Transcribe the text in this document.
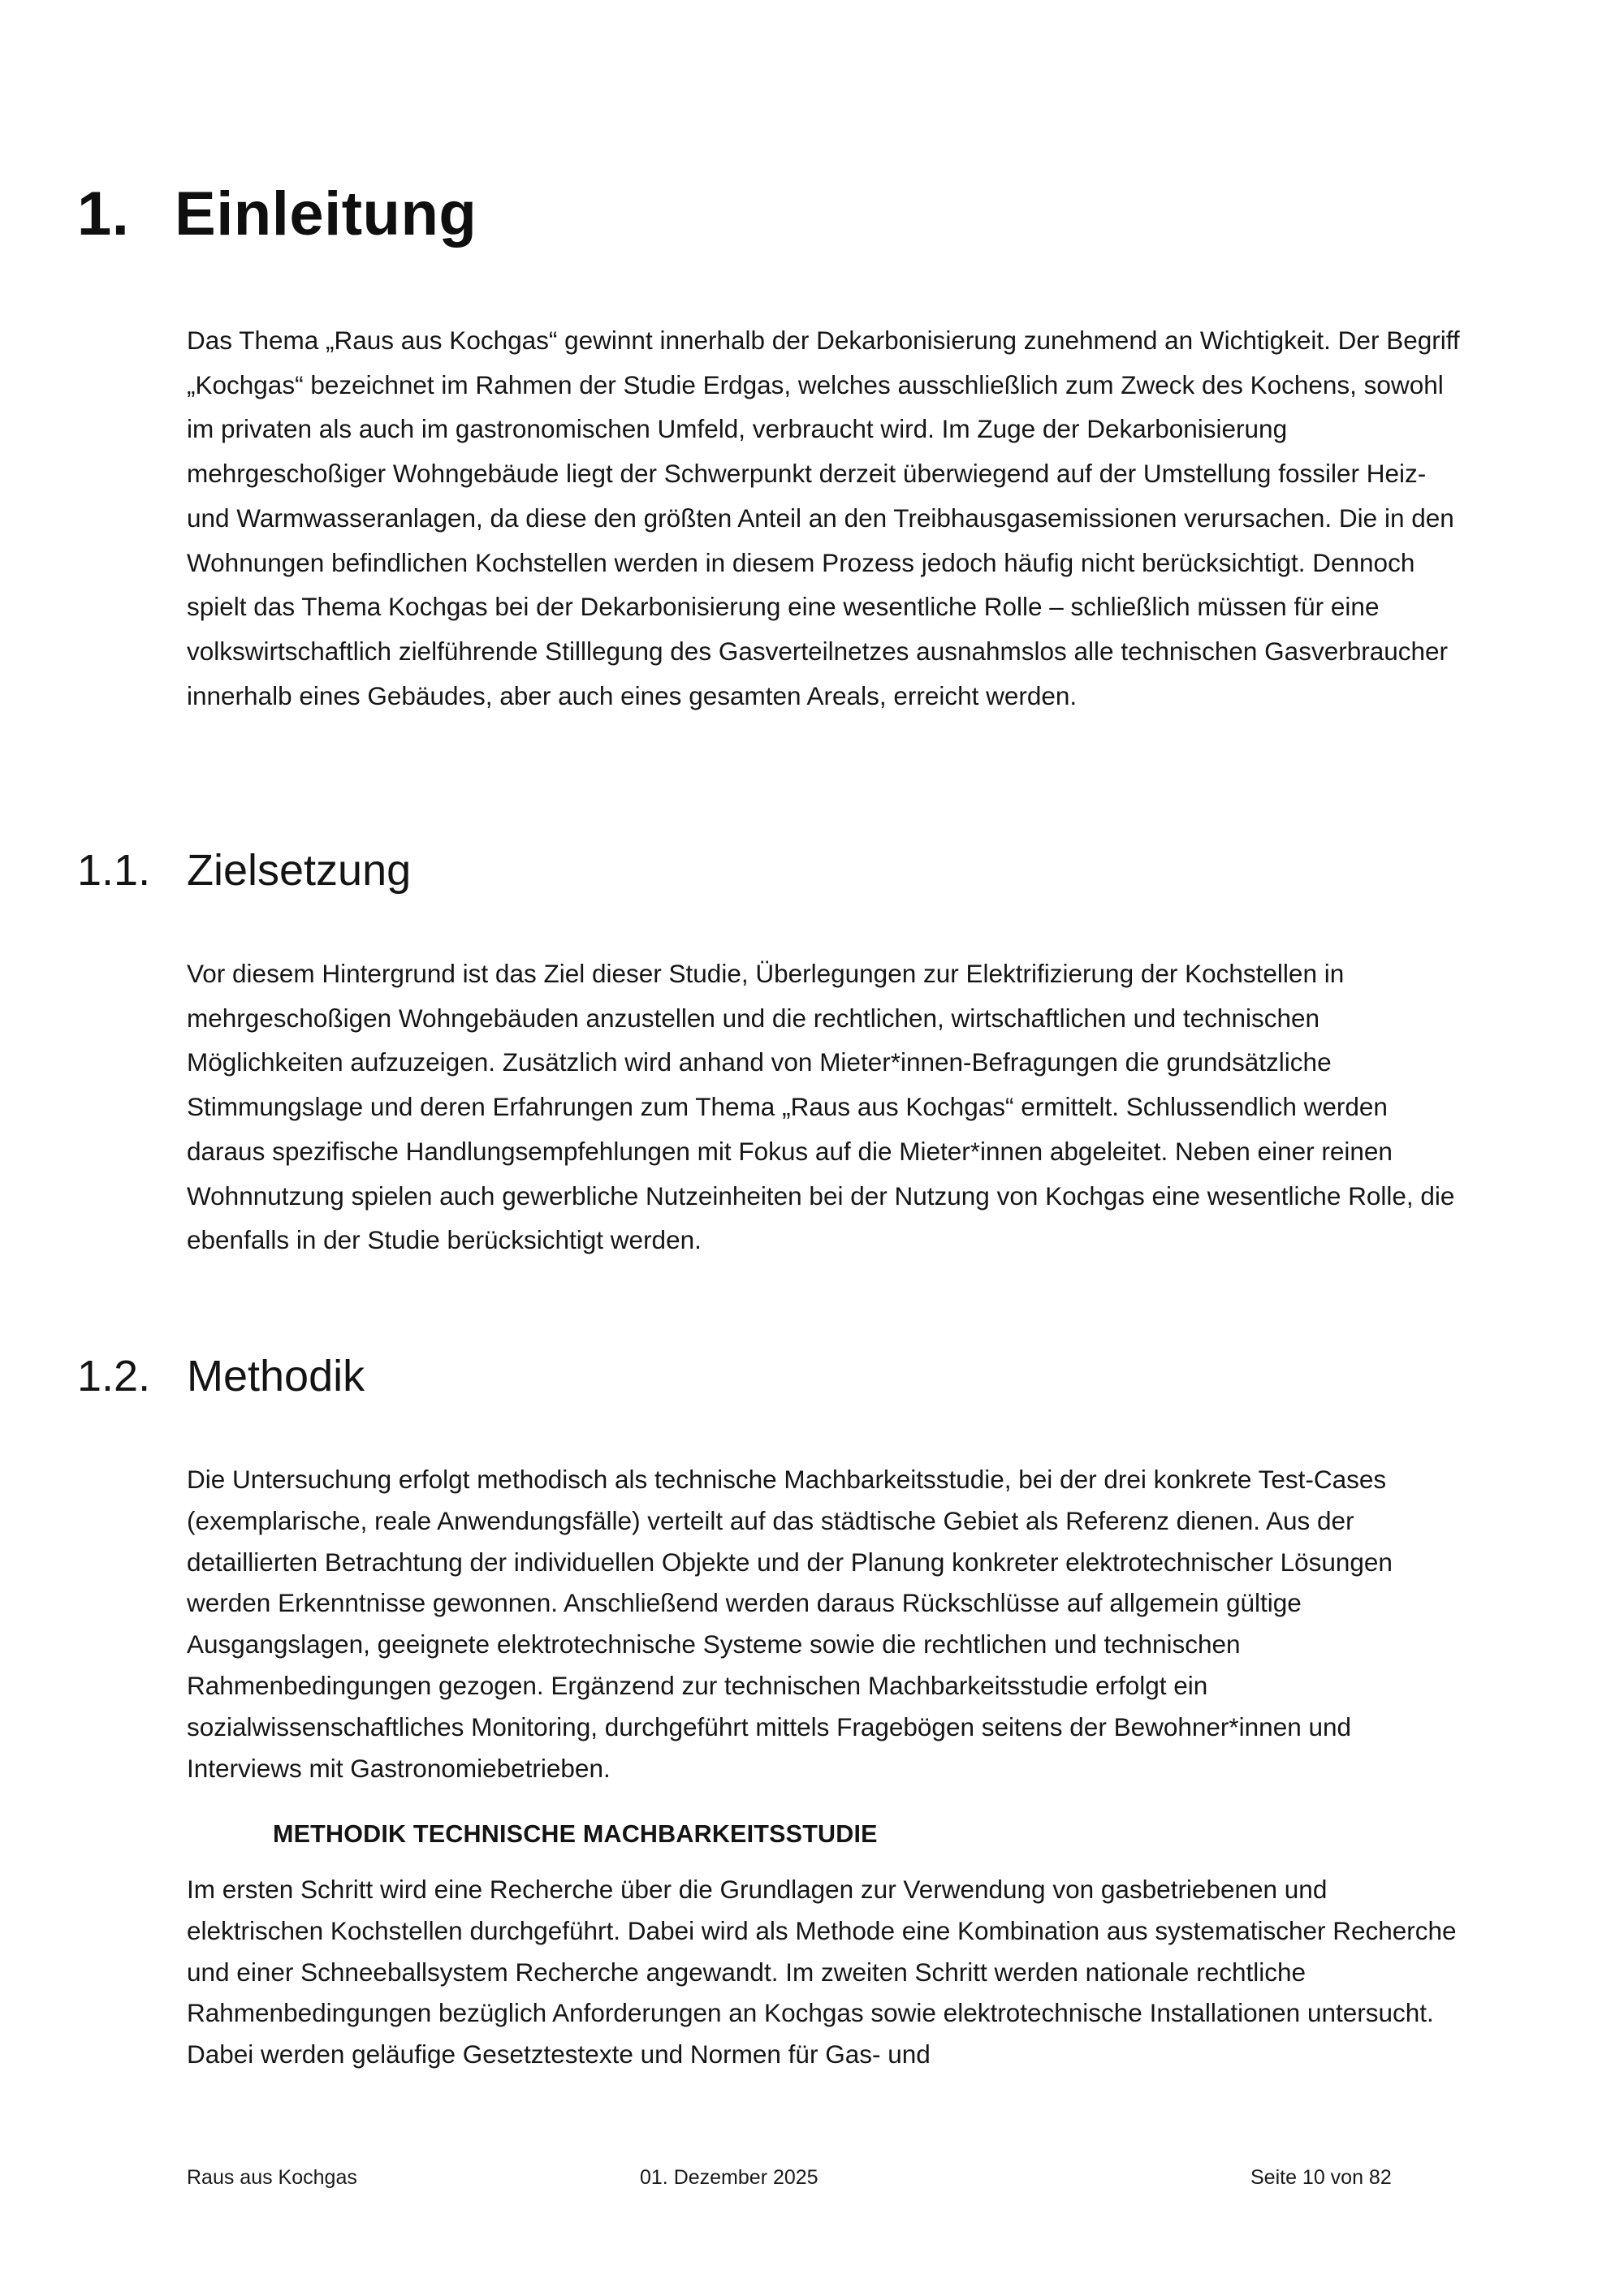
1. Einleitung

Das Thema „Raus aus Kochgas“ gewinnt innerhalb der Dekarbonisierung zunehmend an Wichtigkeit. Der Begriff „Kochgas“ bezeichnet im Rahmen der Studie Erdgas, welches ausschließlich zum Zweck des Kochens, sowohl im privaten als auch im gastronomischen Umfeld, verbraucht wird. Im Zuge der Dekarbonisierung mehrgeschoßiger Wohngebäude liegt der Schwerpunkt derzeit überwiegend auf der Umstellung fossiler Heiz- und Warmwasseranlagen, da diese den größten Anteil an den Treibhausgasemissionen verursachen. Die in den Wohnungen befindlichen Kochstellen werden in diesem Prozess jedoch häufig nicht berücksichtigt. Dennoch spielt das Thema Kochgas bei der Dekarbonisierung eine wesentliche Rolle – schließlich müssen für eine volkswirtschaftlich zielführende Stilllegung des Gasverteilnetzes ausnahmslos alle technischen Gasverbraucher innerhalb eines Gebäudes, aber auch eines gesamten Areals, erreicht werden.

1.1. Zielsetzung

Vor diesem Hintergrund ist das Ziel dieser Studie, Überlegungen zur Elektrifizierung der Kochstellen in mehrgeschoßigen Wohngebäuden anzustellen und die rechtlichen, wirtschaftlichen und technischen Möglichkeiten aufzuzeigen. Zusätzlich wird anhand von Mieter*innen-Befragungen die grundsätzliche Stimmungslage und deren Erfahrungen zum Thema „Raus aus Kochgas“ ermittelt. Schlussendlich werden daraus spezifische Handlungsempfehlungen mit Fokus auf die Mieter*innen abgeleitet. Neben einer reinen Wohnnutzung spielen auch gewerbliche Nutzeinheiten bei der Nutzung von Kochgas eine wesentliche Rolle, die ebenfalls in der Studie berücksichtigt werden.

1.2. Methodik

Die Untersuchung erfolgt methodisch als technische Machbarkeitsstudie, bei der drei konkrete Test-Cases (exemplarische, reale Anwendungsfälle) verteilt auf das städtische Gebiet als Referenz dienen. Aus der detaillierten Betrachtung der individuellen Objekte und der Planung konkreter elektrotechnischer Lösungen werden Erkenntnisse gewonnen. Anschließend werden daraus Rückschlüsse auf allgemein gültige Ausgangslagen, geeignete elektrotechnische Systeme sowie die rechtlichen und technischen Rahmenbedingungen gezogen. Ergänzend zur technischen Machbarkeitsstudie erfolgt ein sozialwissenschaftliches Monitoring, durchgeführt mittels Fragebögen seitens der Bewohner*innen und Interviews mit Gastronomiebetrieben.

METHODIK TECHNISCHE MACHBARKEITSSTUDIE

Im ersten Schritt wird eine Recherche über die Grundlagen zur Verwendung von gasbetriebenen und elektrischen Kochstellen durchgeführt. Dabei wird als Methode eine Kombination aus systematischer Recherche und einer Schneeballsystem Recherche angewandt. Im zweiten Schritt werden nationale rechtliche Rahmenbedingungen bezüglich Anforderungen an Kochgas sowie elektrotechnische Installationen untersucht. Dabei werden geläufige Gesetztestexte und Normen für Gas- und

Raus aus Kochgas	01. Dezember 2025	Seite 10 von 82
